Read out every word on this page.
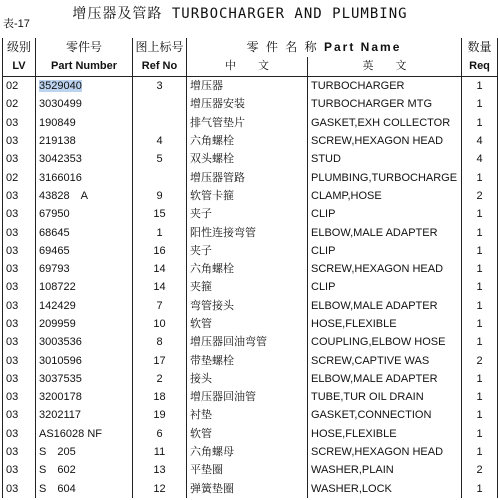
增压器及管路 TURBOCHARGER AND PLUMBING
表-17
级别	零件号	图上标号	零 件 名 称 Part Name		数量
LV	Part Number	Ref No	中　　文	英　　文	Req
02	3529040	3	增压器	TURBOCHARGER	1
02	3030499		增压器安装	TURBOCHARGER MTG	1
03	190849		排气管垫片	GASKET,EXH COLLECTOR	1
03	219138	4	六角螺栓	SCREW,HEXAGON HEAD	4
03	3042353	5	双头螺栓	STUD	4
02	3166016		增压器管路	PLUMBING,TURBOCHARGE	1
03	43828　A	9	软管卡箍	CLAMP,HOSE	2
03	67950	15	夹子	CLIP	1
03	68645	1	阳性连接弯管	ELBOW,MALE ADAPTER	1
03	69465	16	夹子	CLIP	1
03	69793	14	六角螺栓	SCREW,HEXAGON HEAD	1
03	108722	14	夹箍	CLIP	1
03	142429	7	弯管接头	ELBOW,MALE ADAPTER	1
03	209959	10	软管	HOSE,FLEXIBLE	1
03	3003536	8	增压器回油弯管	COUPLING,ELBOW HOSE	1
03	3010596	17	带垫螺栓	SCREW,CAPTIVE WAS	2
03	3037535	2	接头	ELBOW,MALE ADAPTER	1
03	3200178	18	增压器回油管	TUBE,TUR OIL DRAIN	1
03	3202117	19	衬垫	GASKET,CONNECTION	1
03	AS16028 NF	6	软管	HOSE,FLEXIBLE	1
03	S　205	11	六角螺母	SCREW,HEXAGON HEAD	1
03	S　602	13	平垫圈	WASHER,PLAIN	2
03	S　604	12	弹簧垫圈	WASHER,LOCK	1
